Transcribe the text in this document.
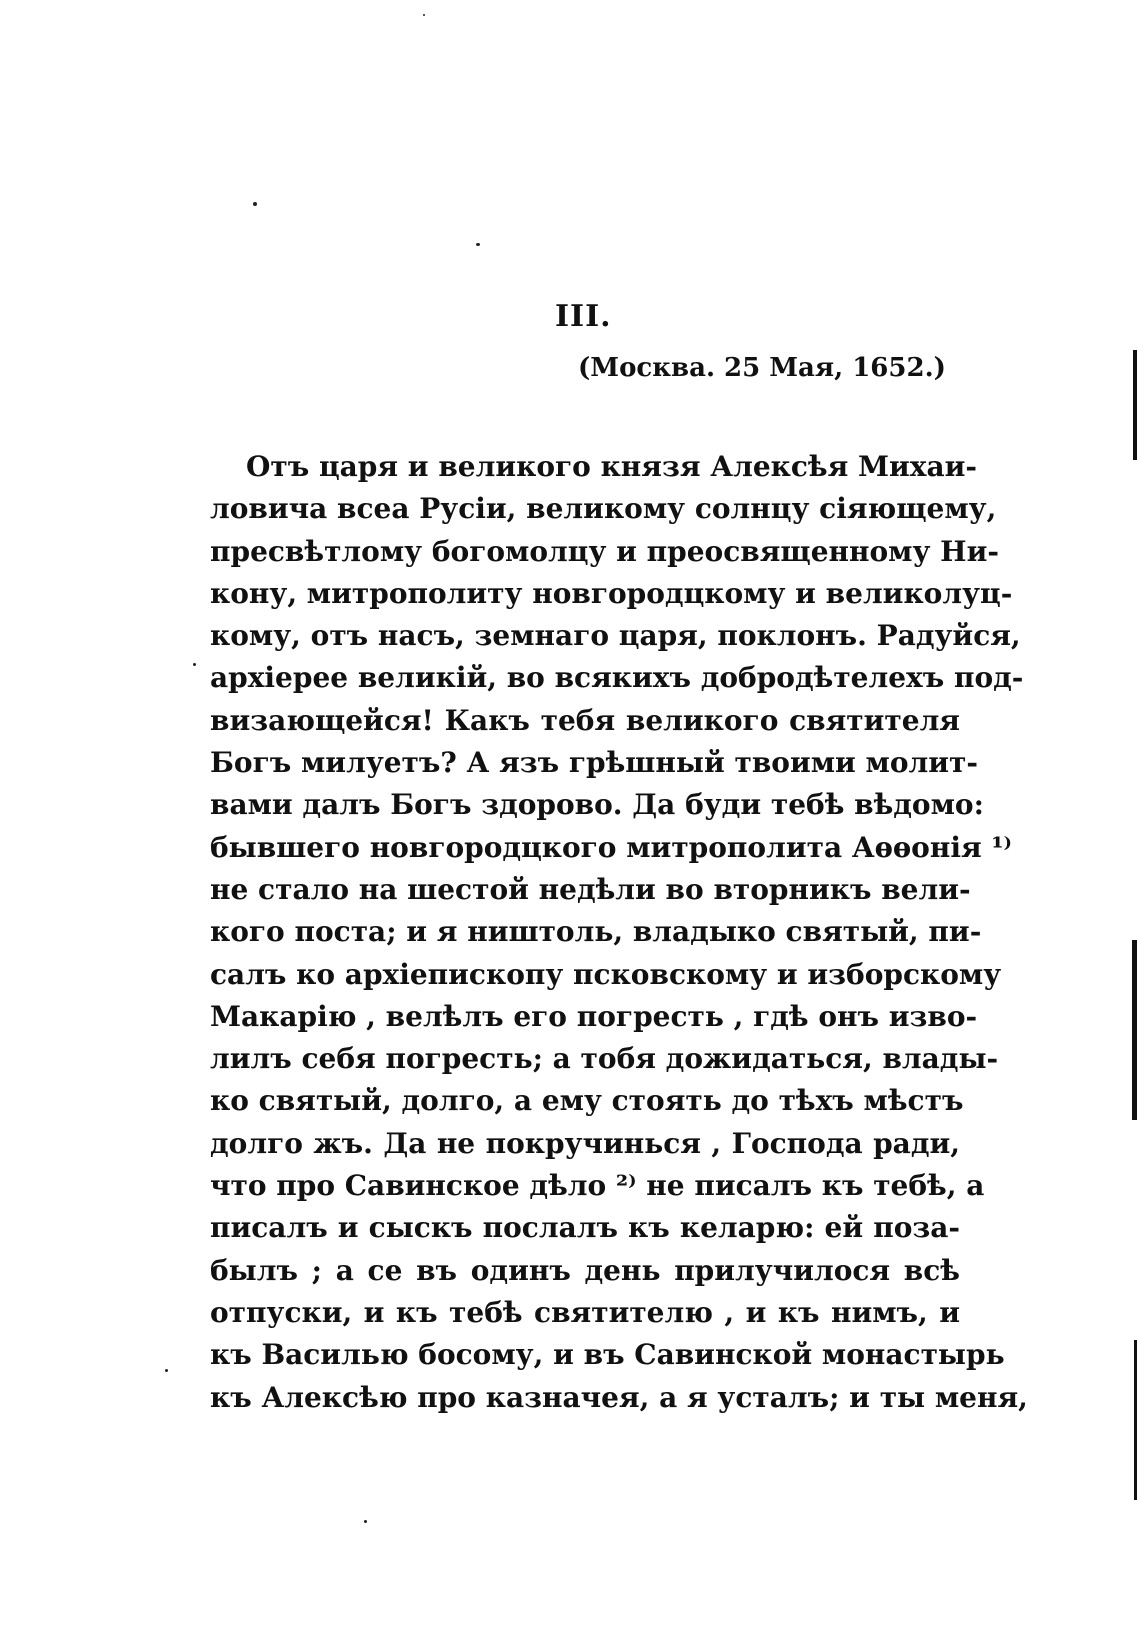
III.
(Москва. 25 Мая, 1652.)
Отъ царя и великого князя Алексѣя Михаи-
ловича всеа Русіи, великому солнцу сіяющему,
пресвѣтлому богомолцу и преосвященному Ни-
кону, митрополиту новгородцкому и великолуц-
кому, отъ насъ, земнаго царя, поклонъ. Радуйся,
архіерее великій, во всякихъ добродѣтелехъ под-
визающейся! Какъ тебя великого святителя
Богъ милуетъ? А язъ грѣшный твоими молит-
вами далъ Богъ здорово. Да буди тебѣ вѣдомо:
бывшего новгородцкого митрополита Аѳѳонія ¹⁾
не стало на шестой недѣли во вторникъ вели-
кого поста; и я ништоль, владыко святый, пи-
салъ ко архіепископу псковскому и изборскому
Макарію , велѣлъ его погресть , гдѣ онъ изво-
лилъ себя погресть; а тобя дожидаться, влады-
ко святый, долго, а ему стоять до тѣхъ мѣстъ
долго жъ. Да не покручинься , Господа ради,
что про Савинское дѣло ²⁾ не писалъ къ тебѣ, а
писалъ и сыскъ послалъ къ келарю: ей поза-
былъ ; а се въ одинъ день прилучилося всѣ
отпуски, и къ тебѣ святителю , и къ нимъ, и
къ Василью босому, и въ Савинской монастырь
къ Алексѣю про казначея, а я усталъ; и ты меня,
